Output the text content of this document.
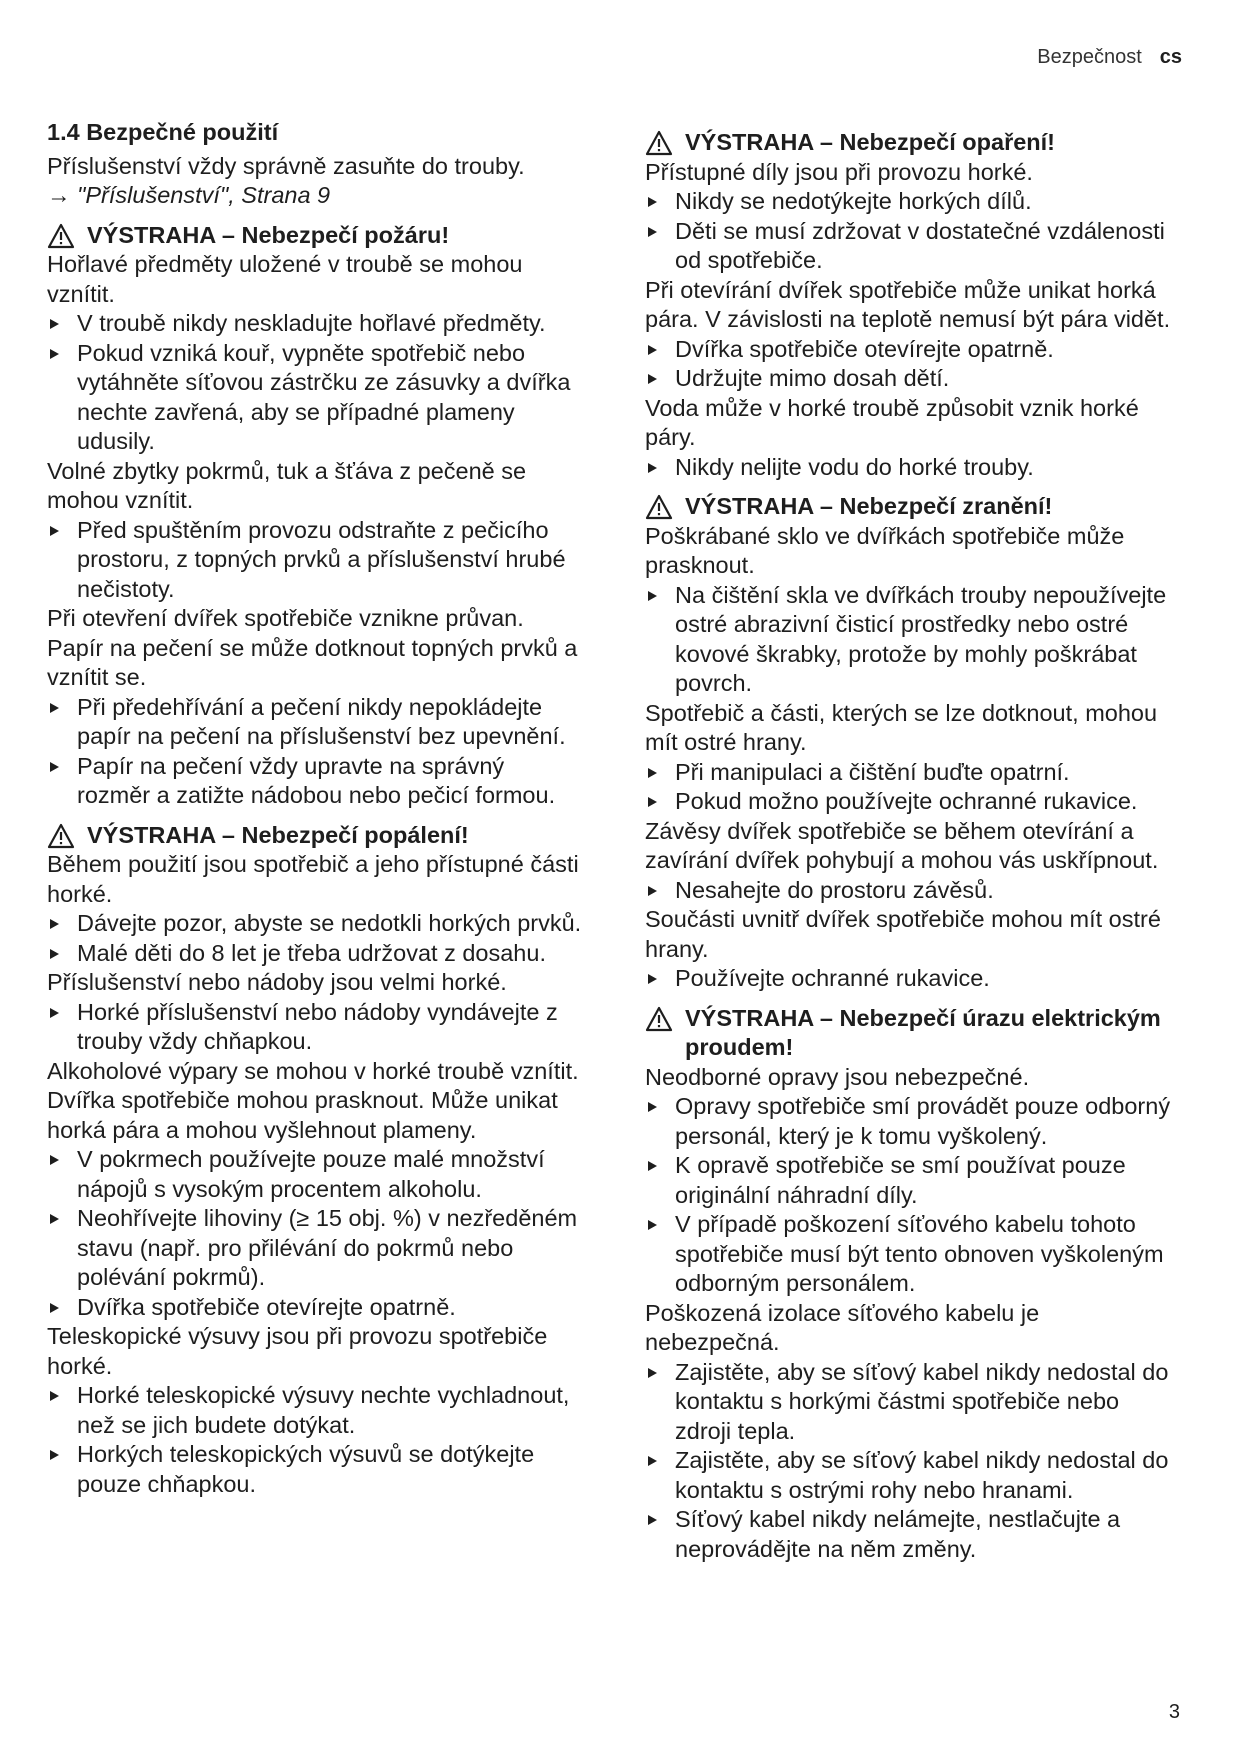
Bezpečnost cs
1.4 Bezpečné použití
Příslušenství vždy správně zasuňte do trouby.
→ "Příslušenství", Strana 9
VÝSTRAHA – Nebezpečí požáru!
Hořlavé předměty uložené v troubě se mohou vznítit.
V troubě nikdy neskladujte hořlavé předměty.
Pokud vzniká kouř, vypněte spotřebič nebo vytáhněte síťovou zástrčku ze zásuvky a dvířka nechte zavřená, aby se případné plameny udusily.
Volné zbytky pokrmů, tuk a šťáva z pečeně se mohou vznítit.
Před spuštěním provozu odstraňte z pečicího prostoru, z topných prvků a příslušenství hrubé nečistoty.
Při otevření dvířek spotřebiče vznikne průvan. Papír na pečení se může dotknout topných prvků a vznítit se.
Při předehřívání a pečení nikdy nepokládejte papír na pečení na příslušenství bez upevnění.
Papír na pečení vždy upravte na správný rozměr a zatižte nádobou nebo pečicí formou.
VÝSTRAHA – Nebezpečí popálení!
Během použití jsou spotřebič a jeho přístupné části horké.
Dávejte pozor, abyste se nedotkli horkých prvků.
Malé děti do 8 let je třeba udržovat z dosahu.
Příslušenství nebo nádoby jsou velmi horké.
Horké příslušenství nebo nádoby vyndávejte z trouby vždy chňapkou.
Alkoholové výpary se mohou v horké troubě vznítit. Dvířka spotřebiče mohou prasknout. Může unikat horká pára a mohou vyšlehnout plameny.
V pokrmech používejte pouze malé množství nápojů s vysokým procentem alkoholu.
Neohřívejte lihoviny (≥ 15 obj. %) v nezředěném stavu (např. pro přilévání do pokrmů nebo polévání pokrmů).
Dvířka spotřebiče otevírejte opatrně.
Teleskopické výsuvy jsou při provozu spotřebiče horké.
Horké teleskopické výsuvy nechte vychladnout, než se jich budete dotýkat.
Horkých teleskopických výsuvů se dotýkejte pouze chňapkou.
VÝSTRAHA – Nebezpečí opaření!
Přístupné díly jsou při provozu horké.
Nikdy se nedotýkejte horkých dílů.
Děti se musí zdržovat v dostatečné vzdálenosti od spotřebiče.
Při otevírání dvířek spotřebiče může unikat horká pára. V závislosti na teplotě nemusí být pára vidět.
Dvířka spotřebiče otevírejte opatrně.
Udržujte mimo dosah dětí.
Voda může v horké troubě způsobit vznik horké páry.
Nikdy nelijte vodu do horké trouby.
VÝSTRAHA – Nebezpečí zranění!
Poškrábané sklo ve dvířkách spotřebiče může prasknout.
Na čištění skla ve dvířkách trouby nepoužívejte ostré abrazivní čisticí prostředky nebo ostré kovové škrabky, protože by mohly poškrábat povrch.
Spotřebič a části, kterých se lze dotknout, mohou mít ostré hrany.
Při manipulaci a čištění buďte opatrní.
Pokud možno používejte ochranné rukavice.
Závěsy dvířek spotřebiče se během otevírání a zavírání dvířek pohybují a mohou vás uskřípnout.
Nesahejte do prostoru závěsů.
Součásti uvnitř dvířek spotřebiče mohou mít ostré hrany.
Používejte ochranné rukavice.
VÝSTRAHA – Nebezpečí úrazu elektrickým proudem!
Neodborné opravy jsou nebezpečné.
Opravy spotřebiče smí provádět pouze odborný personál, který je k tomu vyškolený.
K opravě spotřebiče se smí používat pouze originální náhradní díly.
V případě poškození síťového kabelu tohoto spotřebiče musí být tento obnoven vyškoleným odborným personálem.
Poškozená izolace síťového kabelu je nebezpečná.
Zajistěte, aby se síťový kabel nikdy nedostal do kontaktu s horkými částmi spotřebiče nebo zdroji tepla.
Zajistěte, aby se síťový kabel nikdy nedostal do kontaktu s ostrými rohy nebo hranami.
Síťový kabel nikdy nelámejte, nestlačujte a neprovádějte na něm změny.
3
